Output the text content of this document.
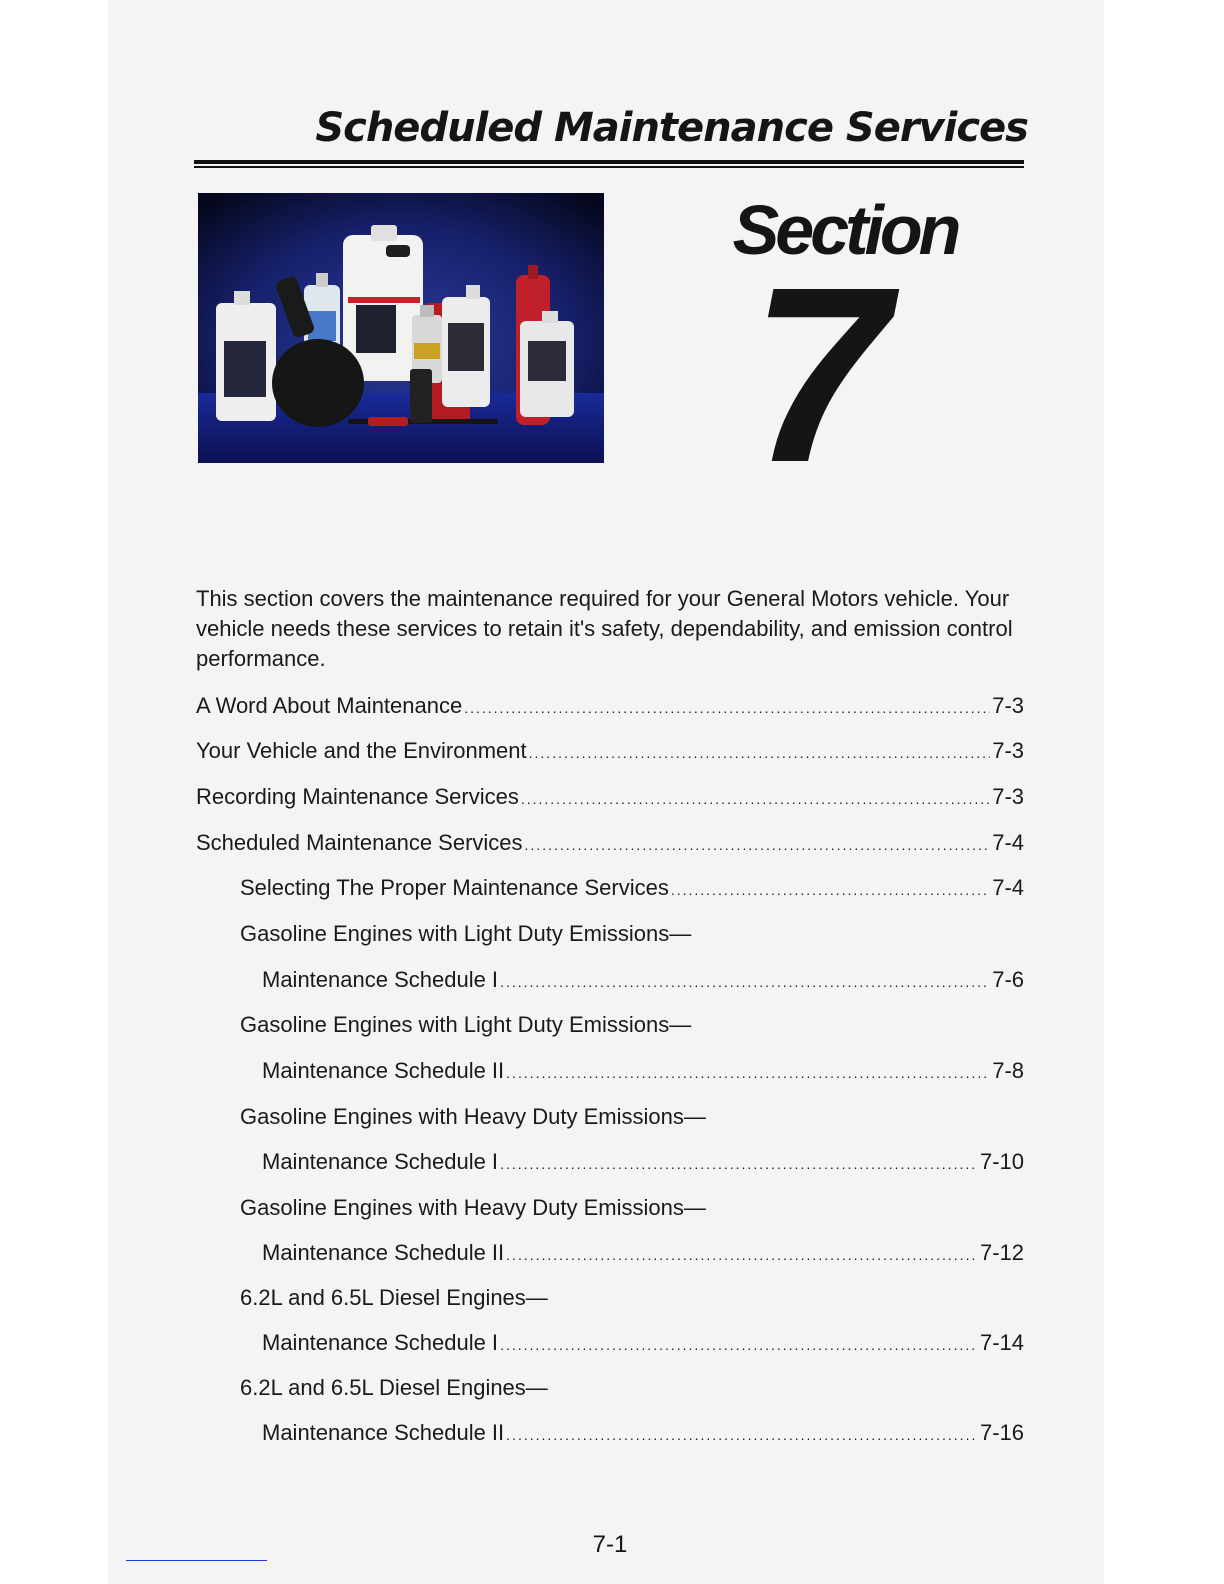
Scheduled Maintenance Services
Section
7
This section covers the maintenance required for your General Motors vehicle. Your vehicle needs these services to retain it's safety, dependability, and emission control performance.
A Word About Maintenance .....	7-3
Your Vehicle and the Environment .....	7-3
Recording Maintenance Services .....	7-3
Scheduled Maintenance Services .....	7-4
Selecting The Proper Maintenance Services .....	7-4
Gasoline Engines with Light Duty Emissions—
Maintenance Schedule I .....	7-6
Gasoline Engines with Light Duty Emissions—
Maintenance Schedule II .....	7-8
Gasoline Engines with Heavy Duty Emissions—
Maintenance Schedule I .....	7-10
Gasoline Engines with Heavy Duty Emissions—
Maintenance Schedule II .....	7-12
6.2L and 6.5L Diesel Engines—
Maintenance Schedule I .....	7-14
6.2L and 6.5L Diesel Engines—
Maintenance Schedule II .....	7-16
7-1
